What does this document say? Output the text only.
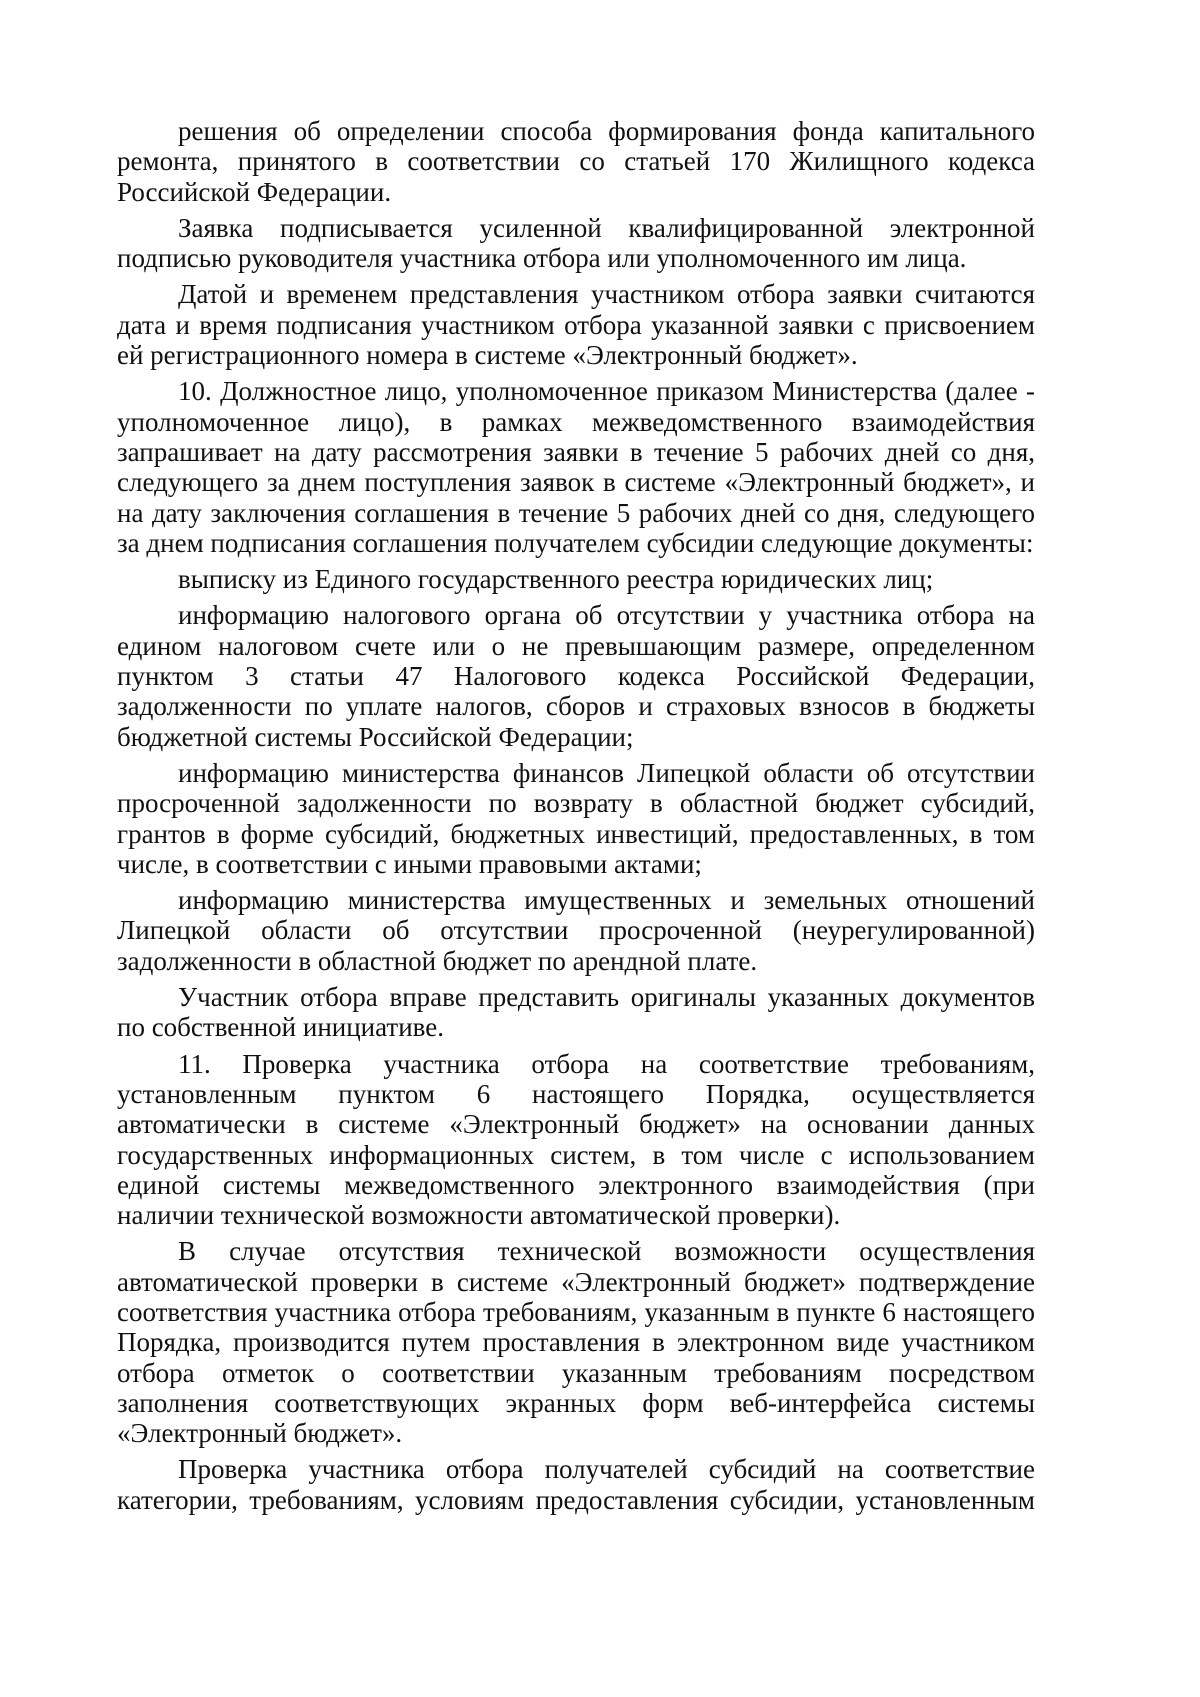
решения об определении способа формирования фонда капитального ремонта, принятого в соответствии со статьей 170 Жилищного кодекса Российской Федерации.

Заявка подписывается усиленной квалифицированной электронной подписью руководителя участника отбора или уполномоченного им лица.

Датой и временем представления участником отбора заявки считаются дата и время подписания участником отбора указанной заявки с присвоением ей регистрационного номера в системе «Электронный бюджет».

10. Должностное лицо, уполномоченное приказом Министерства (далее - уполномоченное лицо), в рамках межведомственного взаимодействия запрашивает на дату рассмотрения заявки в течение 5 рабочих дней со дня, следующего за днем поступления заявок в системе «Электронный бюджет», и на дату заключения соглашения в течение 5 рабочих дней со дня, следующего за днем подписания соглашения получателем субсидии следующие документы:

выписку из Единого государственного реестра юридических лиц;

информацию налогового органа об отсутствии у участника отбора на едином налоговом счете или о не превышающим размере, определенном пунктом 3 статьи 47 Налогового кодекса Российской Федерации, задолженности по уплате налогов, сборов и страховых взносов в бюджеты бюджетной системы Российской Федерации;

информацию министерства финансов Липецкой области об отсутствии просроченной задолженности по возврату в областной бюджет субсидий, грантов в форме субсидий, бюджетных инвестиций, предоставленных, в том числе, в соответствии с иными правовыми актами;

информацию министерства имущественных и земельных отношений Липецкой области об отсутствии просроченной (неурегулированной) задолженности в областной бюджет по арендной плате.

Участник отбора вправе представить оригиналы указанных документов по собственной инициативе.

11. Проверка участника отбора на соответствие требованиям, установленным пунктом 6 настоящего Порядка, осуществляется автоматически в системе «Электронный бюджет» на основании данных государственных информационных систем, в том числе с использованием единой системы межведомственного электронного взаимодействия (при наличии технической возможности автоматической проверки).

В случае отсутствия технической возможности осуществления автоматической проверки в системе «Электронный бюджет» подтверждение соответствия участника отбора требованиям, указанным в пункте 6 настоящего Порядка, производится путем проставления в электронном виде участником отбора отметок о соответствии указанным требованиям посредством заполнения соответствующих экранных форм веб-интерфейса системы «Электронный бюджет».

Проверка участника отбора получателей субсидий на соответствие категории, требованиям, условиям предоставления субсидии, установленным
